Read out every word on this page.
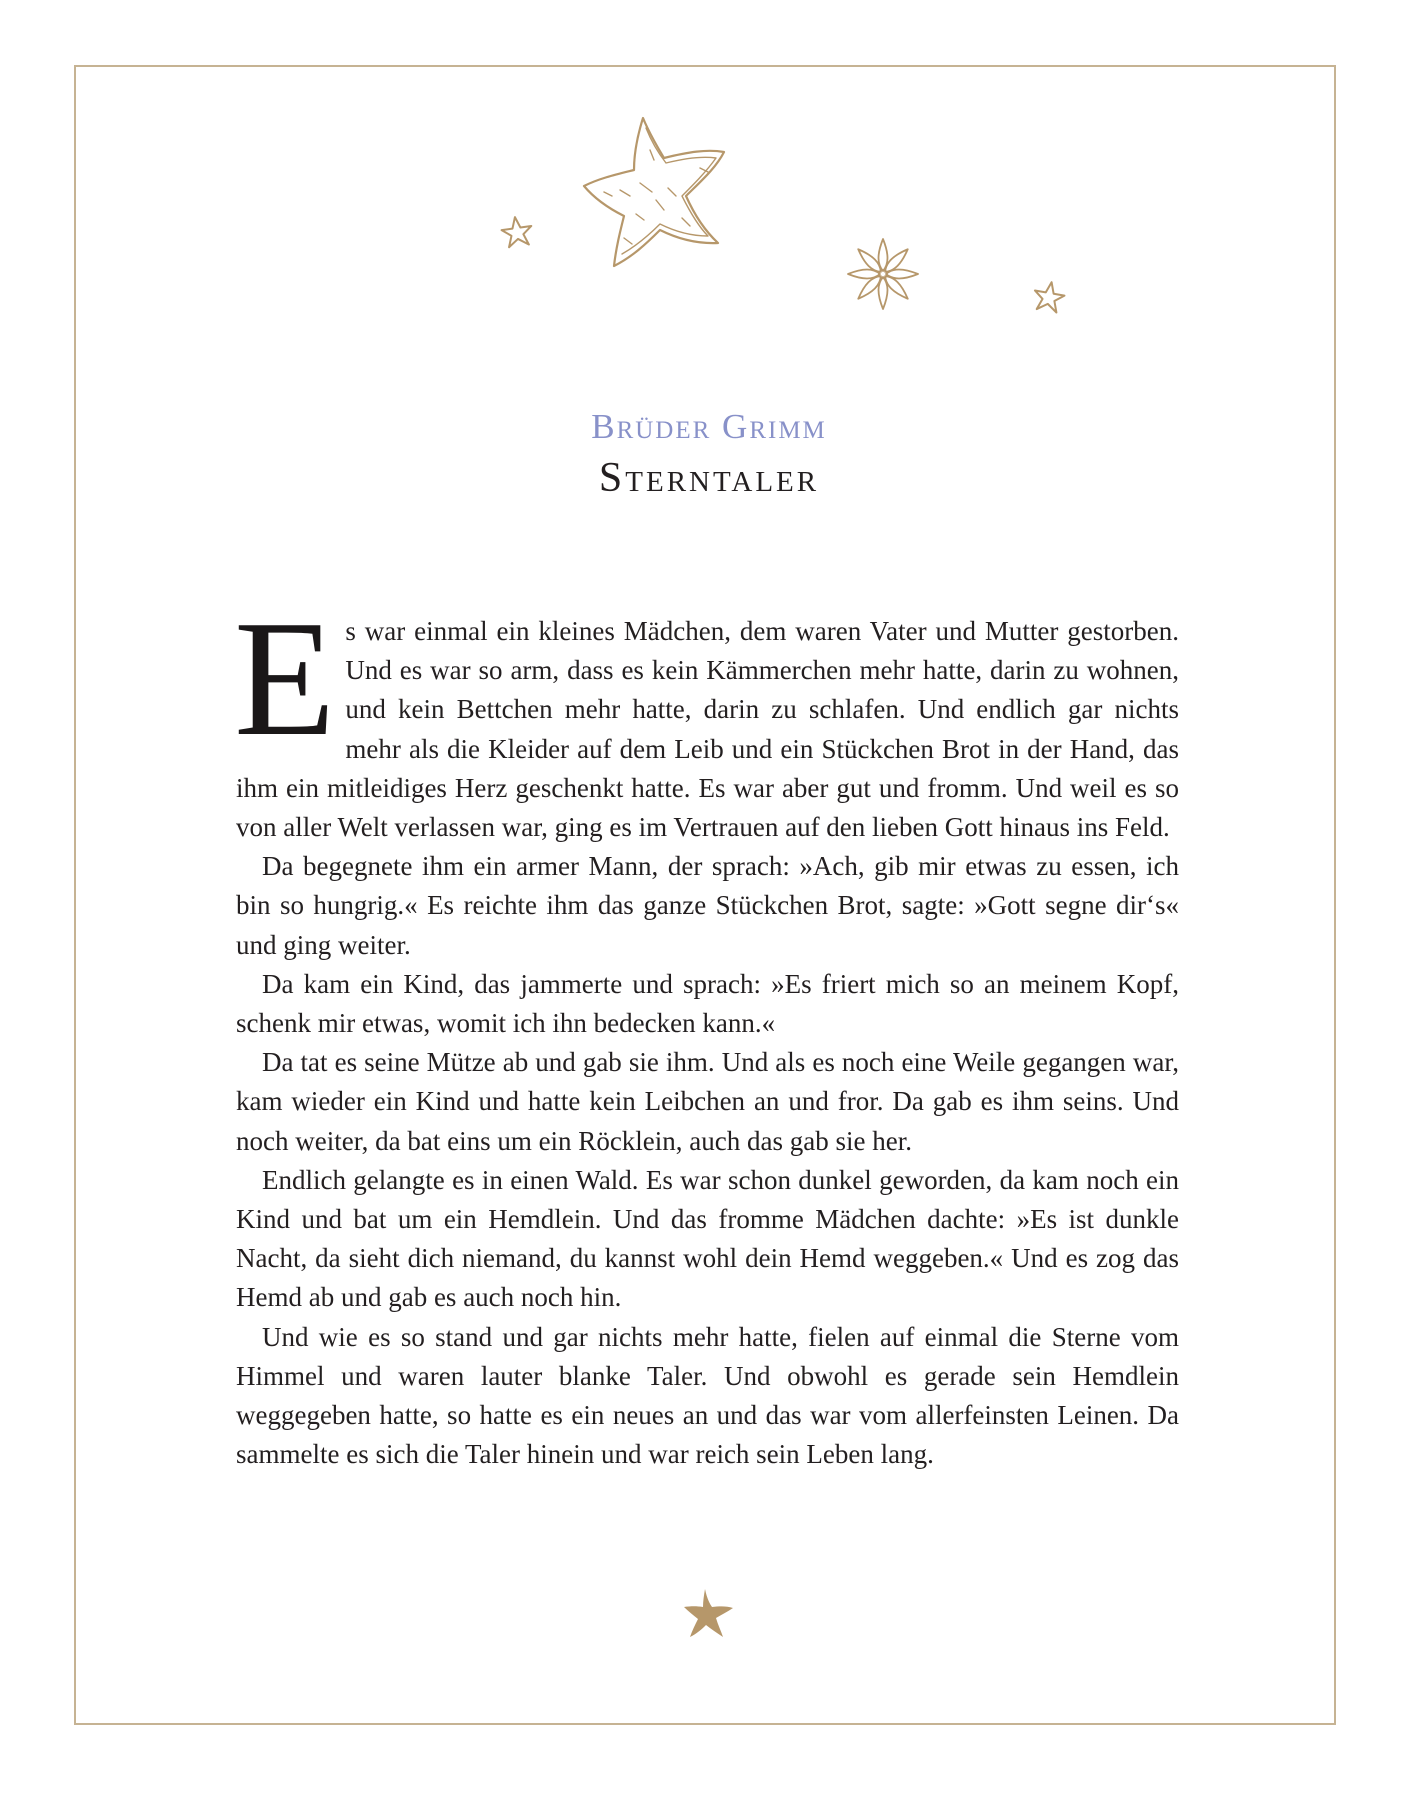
Brüder Grimm
Sterntaler

Es war einmal ein kleines Mädchen, dem waren Vater und Mutter gestorben. Und es war so arm, dass es kein Kämmerchen mehr hatte, darin zu wohnen, und kein Bettchen mehr hatte, darin zu schlafen. Und endlich gar nichts mehr als die Kleider auf dem Leib und ein Stückchen Brot in der Hand, das ihm ein mitleidiges Herz geschenkt hatte. Es war aber gut und fromm. Und weil es so von aller Welt verlassen war, ging es im Vertrauen auf den lieben Gott hinaus ins Feld.

Da begegnete ihm ein armer Mann, der sprach: »Ach, gib mir etwas zu essen, ich bin so hungrig.« Es reichte ihm das ganze Stückchen Brot, sagte: »Gott segne dir‘s« und ging weiter.

Da kam ein Kind, das jammerte und sprach: »Es friert mich so an meinem Kopf, schenk mir etwas, womit ich ihn bedecken kann.«

Da tat es seine Mütze ab und gab sie ihm. Und als es noch eine Weile gegangen war, kam wieder ein Kind und hatte kein Leibchen an und fror. Da gab es ihm seins. Und noch weiter, da bat eins um ein Röcklein, auch das gab sie her.

Endlich gelangte es in einen Wald. Es war schon dunkel geworden, da kam noch ein Kind und bat um ein Hemdlein. Und das fromme Mädchen dachte: »Es ist dunkle Nacht, da sieht dich niemand, du kannst wohl dein Hemd weggeben.« Und es zog das Hemd ab und gab es auch noch hin.

Und wie es so stand und gar nichts mehr hatte, fielen auf einmal die Sterne vom Himmel und waren lauter blanke Taler. Und obwohl es gerade sein Hemdlein weggegeben hatte, so hatte es ein neues an und das war vom allerfeinsten Leinen. Da sammelte es sich die Taler hinein und war reich sein Leben lang.
